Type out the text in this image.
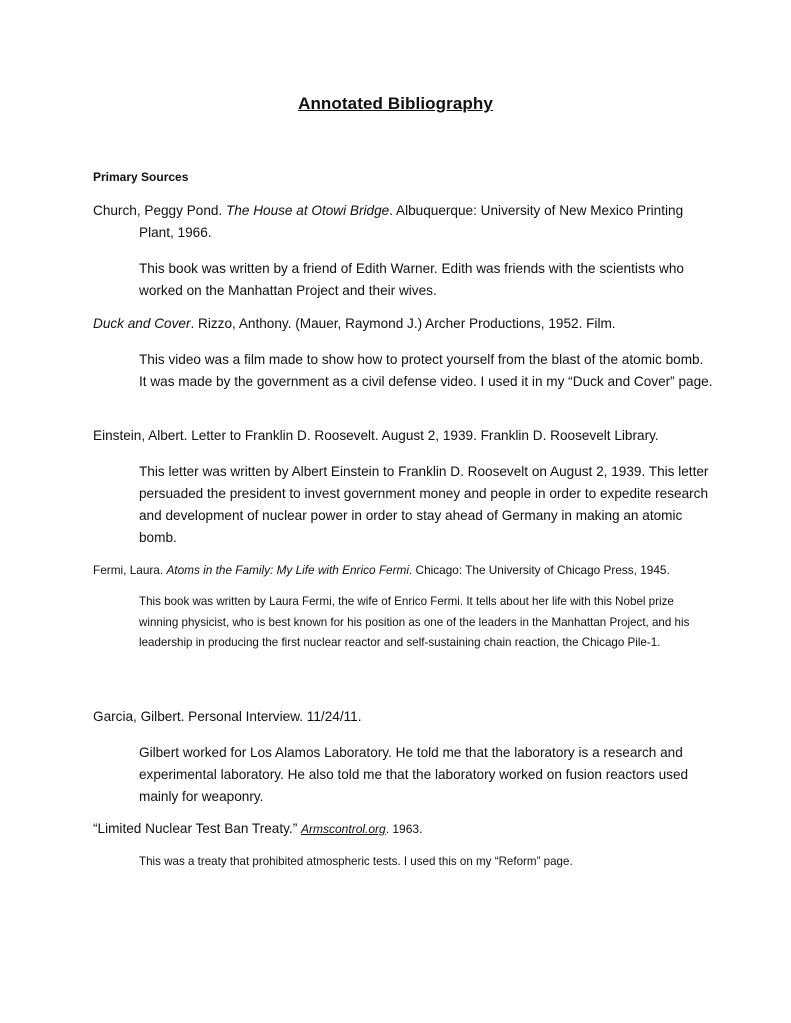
Annotated Bibliography
Primary Sources
Church, Peggy Pond. The House at Otowi Bridge. Albuquerque: University of New Mexico Printing Plant, 1966.
This book was written by a friend of Edith Warner. Edith was friends with the scientists who worked on the Manhattan Project and their wives.
Duck and Cover. Rizzo, Anthony. (Mauer, Raymond J.) Archer Productions, 1952. Film.
This video was a film made to show how to protect yourself from the blast of the atomic bomb. It was made by the government as a civil defense video. I used it in my “Duck and Cover” page.
Einstein, Albert. Letter to Franklin D. Roosevelt. August 2, 1939. Franklin D. Roosevelt Library.
This letter was written by Albert Einstein to Franklin D. Roosevelt on August 2, 1939. This letter persuaded the president to invest government money and people in order to expedite research and development of nuclear power in order to stay ahead of Germany in making an atomic bomb.
Fermi, Laura. Atoms in the Family: My Life with Enrico Fermi. Chicago: The University of Chicago Press, 1945.
This book was written by Laura Fermi, the wife of Enrico Fermi. It tells about her life with this Nobel prize winning physicist, who is best known for his position as one of the leaders in the Manhattan Project, and his leadership in producing the first nuclear reactor and self-sustaining chain reaction, the Chicago Pile-1.
Garcia, Gilbert. Personal Interview. 11/24/11.
Gilbert worked for Los Alamos Laboratory. He told me that the laboratory is a research and experimental laboratory. He also told me that the laboratory worked on fusion reactors used mainly for weaponry.
“Limited Nuclear Test Ban Treaty.” Armscontrol.org. 1963.
This was a treaty that prohibited atmospheric tests. I used this on my “Reform” page.
